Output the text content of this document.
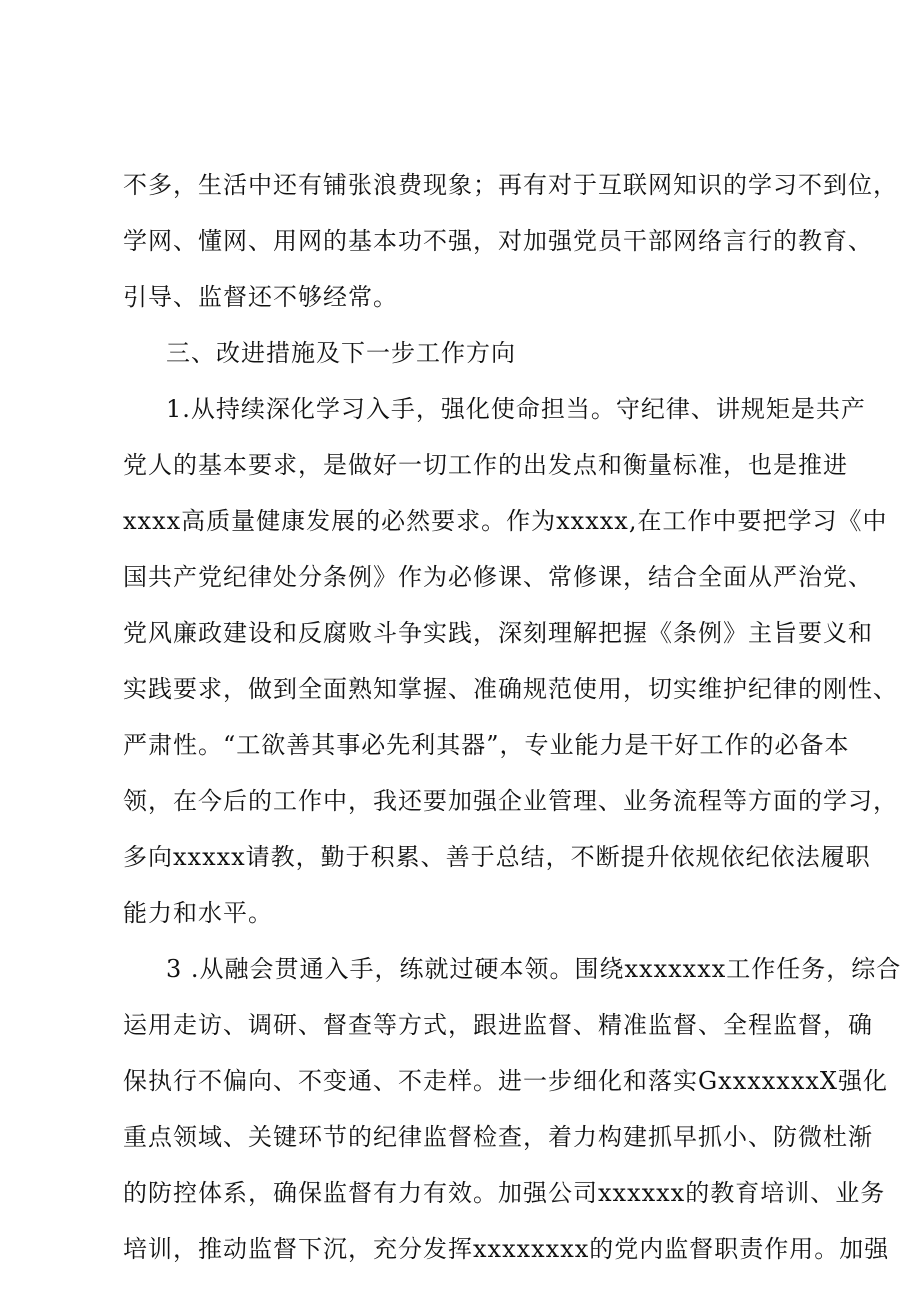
不多，生活中还有铺张浪费现象；再有对于互联网知识的学习不到位，
学网、懂网、用网的基本功不强，对加强党员干部网络言行的教育、
引导、监督还不够经常。
三、改进措施及下一步工作方向
1.从持续深化学习入手，强化使命担当。守纪律、讲规矩是共产
党人的基本要求，是做好一切工作的出发点和衡量标准，也是推进
xxxx高质量健康发展的必然要求。作为xxxxx,在工作中要把学习《中
国共产党纪律处分条例》作为必修课、常修课，结合全面从严治党、
党风廉政建设和反腐败斗争实践，深刻理解把握《条例》主旨要义和
实践要求，做到全面熟知掌握、准确规范使用，切实维护纪律的刚性、
严肃性。“工欲善其事必先利其器”，专业能力是干好工作的必备本
领，在今后的工作中，我还要加强企业管理、业务流程等方面的学习，
多向xxxxx请教，勤于积累、善于总结，不断提升依规依纪依法履职
能力和水平。
3 .从融会贯通入手，练就过硬本领。围绕xxxxxxx工作任务，综合
运用走访、调研、督查等方式，跟进监督、精准监督、全程监督，确
保执行不偏向、不变通、不走样。进一步细化和落实GxxxxxxxX强化
重点领域、关键环节的纪律监督检查，着力构建抓早抓小、防微杜渐
的防控体系，确保监督有力有效。加强公司xxxxxx的教育培训、业务
培训，推动监督下沉，充分发挥xxxxxxxx的党内监督职责作用。加强
